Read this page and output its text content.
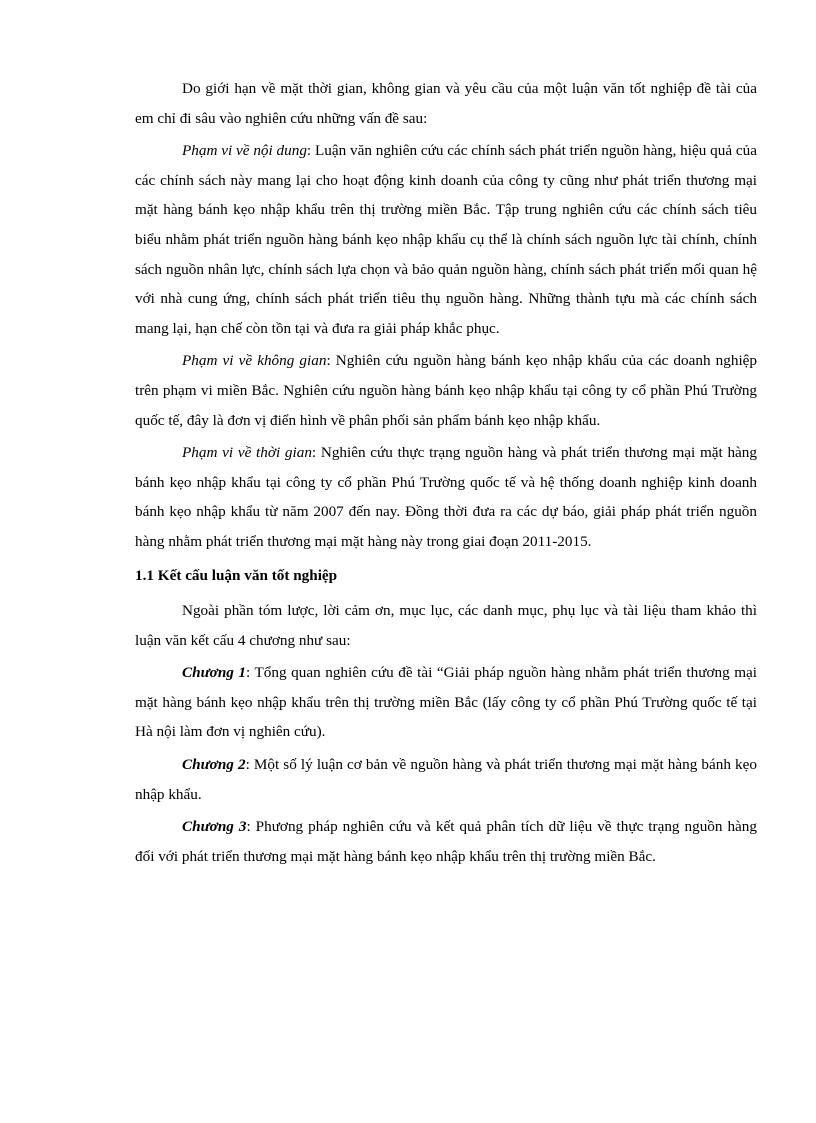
Do giới hạn về mặt thời gian, không gian và yêu cầu của một luận văn tốt nghiệp đề tài của em chỉ đi sâu vào nghiên cứu những vấn đề sau:

Phạm vi về nội dung: Luận văn nghiên cứu các chính sách phát triển nguồn hàng, hiệu quả của các chính sách này mang lại cho hoạt động kinh doanh của công ty cũng như phát triển thương mại mặt hàng bánh kẹo nhập khẩu trên thị trường miền Bắc. Tập trung nghiên cứu các chính sách tiêu biểu nhằm phát triển nguồn hàng bánh kẹo nhập khẩu cụ thể là chính sách nguồn lực tài chính, chính sách nguồn nhân lực, chính sách lựa chọn và bảo quản nguồn hàng, chính sách phát triển mối quan hệ với nhà cung ứng, chính sách phát triển tiêu thụ nguồn hàng. Những thành tựu mà các chính sách mang lại, hạn chế còn tồn tại và đưa ra giải pháp khắc phục.

Phạm vi về không gian: Nghiên cứu nguồn hàng bánh kẹo nhập khẩu của các doanh nghiệp trên phạm vi miền Bắc. Nghiên cứu nguồn hàng bánh kẹo nhập khẩu tại công ty cổ phần Phú Trường quốc tế, đây là đơn vị điển hình về phân phối sản phẩm bánh kẹo nhập khẩu.

Phạm vi về thời gian: Nghiên cứu thực trạng nguồn hàng và phát triển thương mại mặt hàng bánh kẹo nhập khẩu tại công ty cổ phần Phú Trường quốc tế và hệ thống doanh nghiệp kinh doanh bánh kẹo nhập khẩu từ năm 2007 đến nay. Đồng thời đưa ra các dự báo, giải pháp phát triển nguồn hàng nhằm phát triển thương mại mặt hàng này trong giai đoạn 2011-2015.

1.1 Kết cấu luận văn tốt nghiệp

Ngoài phần tóm lược, lời cảm ơn, mục lục, các danh mục, phụ lục và tài liệu tham khảo thì luận văn kết cấu 4 chương như sau:

Chương 1: Tổng quan nghiên cứu đề tài “Giải pháp nguồn hàng nhằm phát triển thương mại mặt hàng bánh kẹo nhập khẩu trên thị trường miền Bắc (lấy công ty cổ phần Phú Trường quốc tế tại Hà nội làm đơn vị nghiên cứu).

Chương 2: Một số lý luận cơ bản về nguồn hàng và phát triển thương mại mặt hàng bánh kẹo nhập khẩu.

Chương 3: Phương pháp nghiên cứu và kết quả phân tích dữ liệu về thực trạng nguồn hàng đối với phát triển thương mại mặt hàng bánh kẹo nhập khẩu trên thị trường miền Bắc.
